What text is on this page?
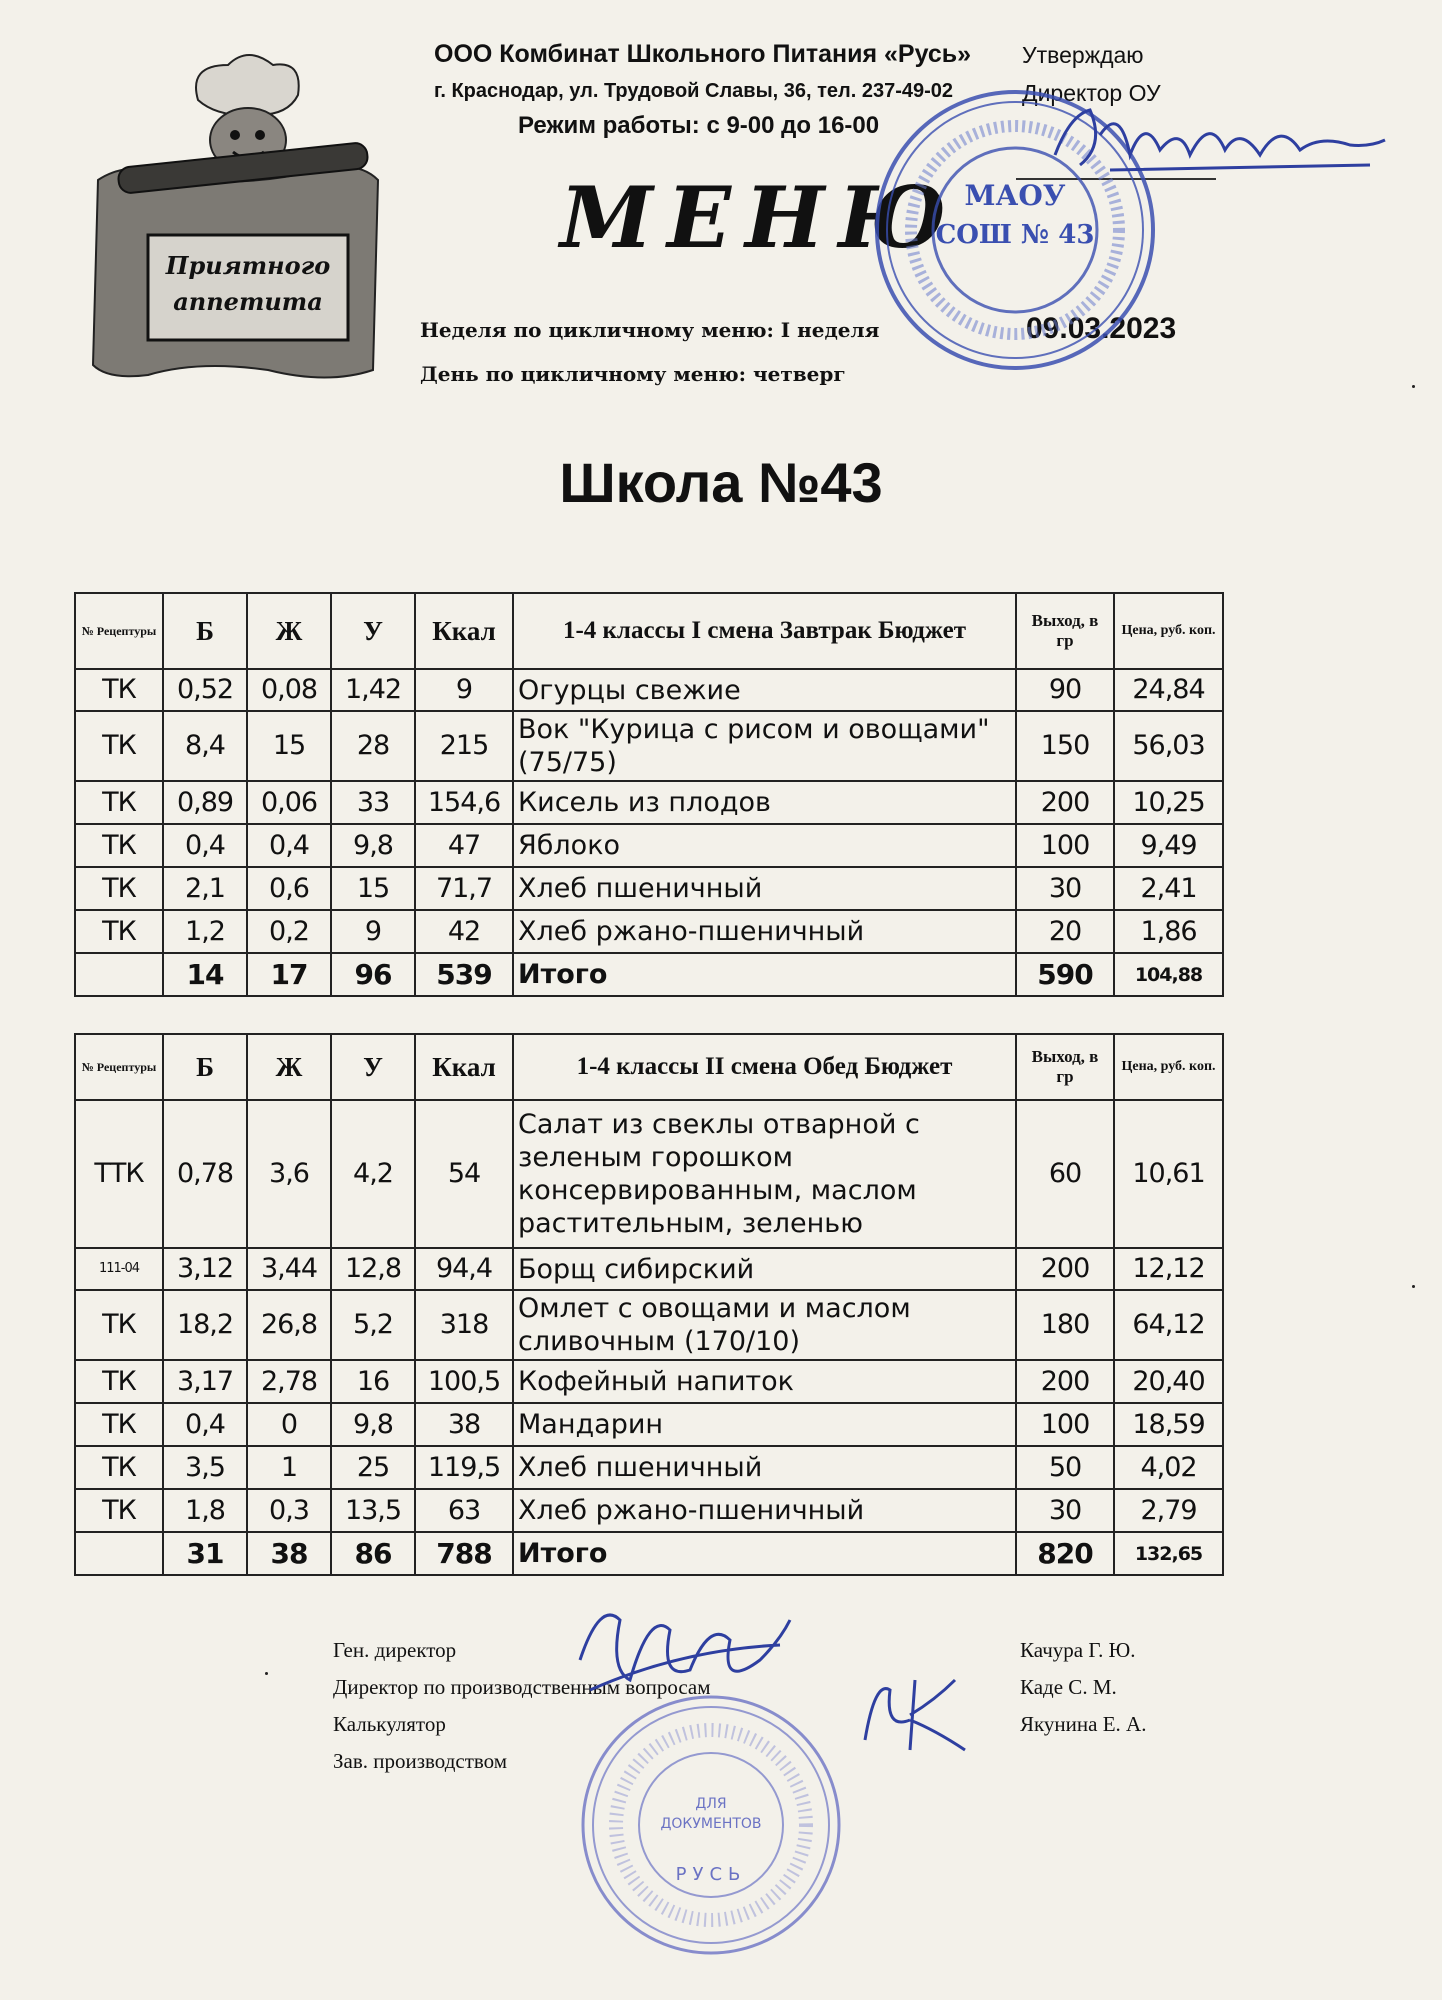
Приятного
аппетита
ООО Комбинат Школьного Питания «Русь»
г. Краснодар, ул. Трудовой Славы, 36, тел. 237-49-02
Режим работы: с 9-00 до 16-00
Утверждаю
Директор ОУ
МЕНЮ
Неделя по цикличному меню: I неделя
День по цикличному меню: четверг
09.03.2023
Школа №43
МАОУ
СОШ № 43
№ Рецептуры	Б	Ж	У	Ккал	1-4 классы I смена Завтрак Бюджет	Выход, в гр	Цена, руб. коп.
ТК	0,52	0,08	1,42	9	Огурцы свежие	90	24,84
ТК	8,4	15	28	215	Вок "Курица с рисом и овощами" (75/75)	150	56,03
ТК	0,89	0,06	33	154,6	Кисель из плодов	200	10,25
ТК	0,4	0,4	9,8	47	Яблоко	100	9,49
ТК	2,1	0,6	15	71,7	Хлеб пшеничный	30	2,41
ТК	1,2	0,2	9	42	Хлеб ржано-пшеничный	20	1,86
	14	17	96	539	Итого	590	104,88
№ Рецептуры	Б	Ж	У	Ккал	1-4 классы II смена Обед Бюджет	Выход, в гр	Цена, руб. коп.
ТТК	0,78	3,6	4,2	54	Салат из свеклы отварной с зеленым горошком консервированным, маслом растительным, зеленью	60	10,61
111-04	3,12	3,44	12,8	94,4	Борщ сибирский	200	12,12
ТК	18,2	26,8	5,2	318	Омлет с овощами и маслом сливочным (170/10)	180	64,12
ТК	3,17	2,78	16	100,5	Кофейный напиток	200	20,40
ТК	0,4	0	9,8	38	Мандарин	100	18,59
ТК	3,5	1	25	119,5	Хлеб пшеничный	50	4,02
ТК	1,8	0,3	13,5	63	Хлеб ржано-пшеничный	30	2,79
	31	38	86	788	Итого	820	132,65
Ген. директор
Директор по производственным вопросам
Калькулятор
Зав. производством
Качура Г. Ю.
Каде С. М.
Якунина Е. А.
ДЛЯ
ДОКУМЕНТОВ
РУСЬ
